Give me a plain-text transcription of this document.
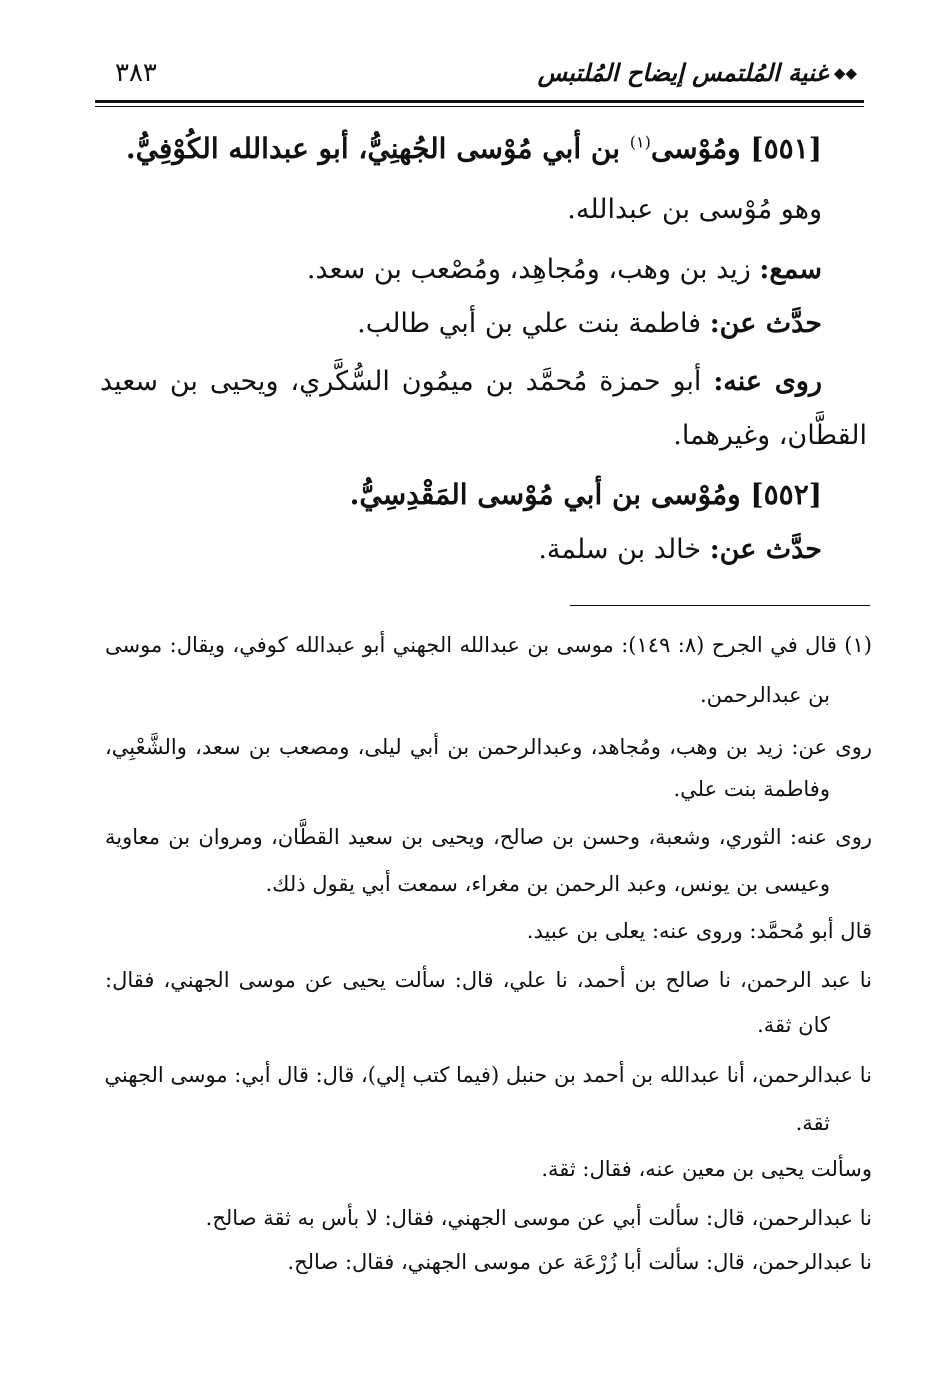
◆◆غنية المُلتمس إيضاح المُلتبس
٣٨٣
[٥٥١] ومُوْسى$^{(١)}$ بن أبي مُوْسى الجُهنِيُّ، أبو عبدالله الكُوْفِيُّ.
وهو مُوْسى بن عبدالله.
سمع: زيد بن وهب، ومُجاهِد، ومُصْعب بن سعد.
حدَّث عن: فاطمة بنت علي بن أبي طالب.
روى عنه: أبو حمزة مُحمَّد بن ميمُون السُّكَّري، ويحيى بن سعيد
القطَّان، وغيرهما.
[٥٥٢] ومُوْسى بن أبي مُوْسى المَقْدِسِيُّ.
حدَّث عن: خالد بن سلمة.
(١) قال في الجرح (٨: ١٤٩): موسى بن عبدالله الجهني أبو عبدالله كوفي، ويقال: موسى
بن عبدالرحمن.
روى عن: زيد بن وهب، ومُجاهد، وعبدالرحمن بن أبي ليلى، ومصعب بن سعد، والشَّعْبِي،
وفاطمة بنت علي.
روى عنه: الثوري، وشعبة، وحسن بن صالح، ويحيى بن سعيد القطَّان، ومروان بن معاوية
وعيسى بن يونس، وعبد الرحمن بن مغراء، سمعت أبي يقول ذلك.
قال أبو مُحمَّد: وروى عنه: يعلى بن عبيد.
نا عبد الرحمن، نا صالح بن أحمد، نا علي، قال: سألت يحيى عن موسى الجهني، فقال:
كان ثقة.
نا عبدالرحمن، أنا عبدالله بن أحمد بن حنبل (فيما كتب إلي)، قال: قال أبي: موسى الجهني
ثقة.
وسألت يحيى بن معين عنه، فقال: ثقة.
نا عبدالرحمن، قال: سألت أبي عن موسى الجهني، فقال: لا بأس به ثقة صالح.
نا عبدالرحمن، قال: سألت أبا زُرْعَة عن موسى الجهني، فقال: صالح.
